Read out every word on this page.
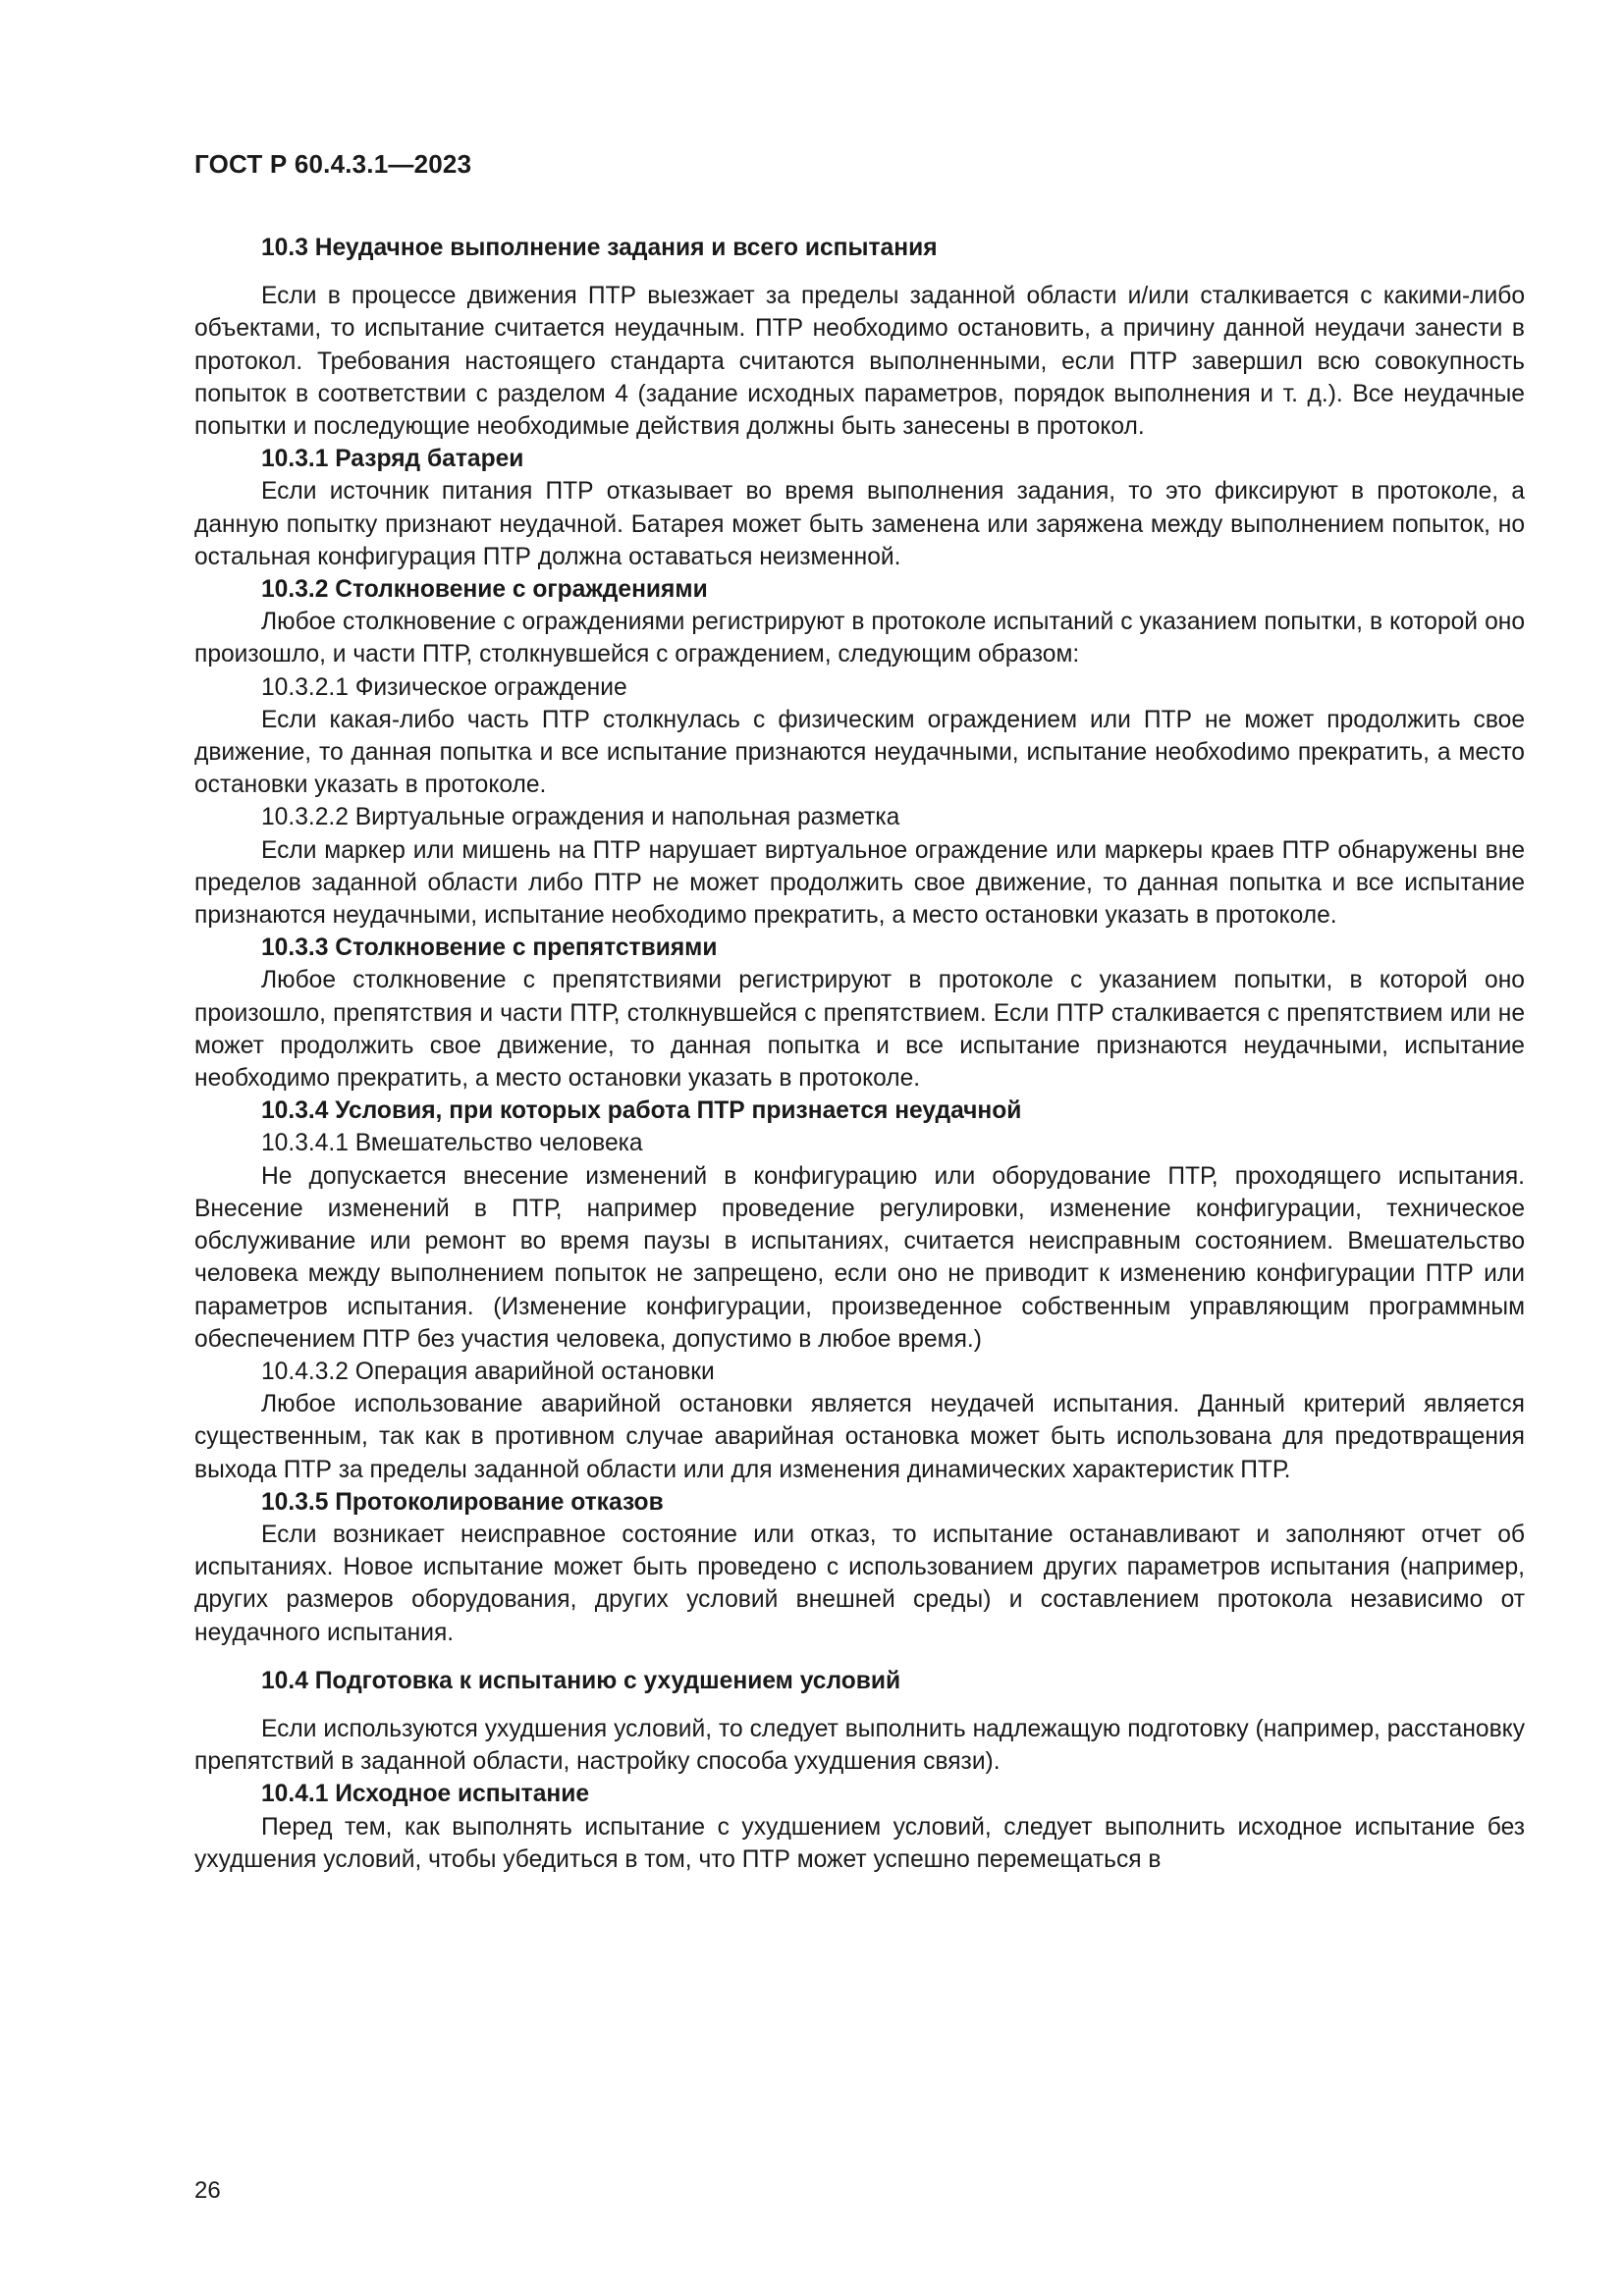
ГОСТ Р 60.4.3.1—2023

10.3 Неудачное выполнение задания и всего испытания

Если в процессе движения ПТР выезжает за пределы заданной области и/или сталкивается с какими-либо объектами, то испытание считается неудачным. ПТР необходимо остановить, а причину данной неудачи занести в протокол. Требования настоящего стандарта считаются выполненными, если ПТР завершил всю совокупность попыток в соответствии с разделом 4 (задание исходных параметров, порядок выполнения и т. д.). Все неудачные попытки и последующие необходимые действия должны быть занесены в протокол.

10.3.1 Разряд батареи

Если источник питания ПТР отказывает во время выполнения задания, то это фиксируют в протоколе, а данную попытку признают неудачной. Батарея может быть заменена или заряжена между выполнением попыток, но остальная конфигурация ПТР должна оставаться неизменной.

10.3.2 Столкновение с ограждениями

Любое столкновение с ограждениями регистрируют в протоколе испытаний с указанием попытки, в которой оно произошло, и части ПТР, столкнувшейся с ограждением, следующим образом:

10.3.2.1 Физическое ограждение

Если какая-либо часть ПТР столкнулась с физическим ограждением или ПТР не может продолжить свое движение, то данная попытка и все испытание признаются неудачными, испытание необхоdимо прекратить, а место остановки указать в протоколе.

10.3.2.2 Виртуальные ограждения и напольная разметка

Если маркер или мишень на ПТР нарушает виртуальное ограждение или маркеры краев ПТР обнаружены вне пределов заданной области либо ПТР не может продолжить свое движение, то данная попытка и все испытание признаются неудачными, испытание необходимо прекратить, а место остановки указать в протоколе.

10.3.3 Столкновение с препятствиями

Любое столкновение с препятствиями регистрируют в протоколе с указанием попытки, в которой оно произошло, препятствия и части ПТР, столкнувшейся с препятствием. Если ПТР сталкивается с препятствием или не может продолжить свое движение, то данная попытка и все испытание признаются неудачными, испытание необходимо прекратить, а место остановки указать в протоколе.

10.3.4 Условия, при которых работа ПТР признается неудачной

10.3.4.1 Вмешательство человека

Не допускается внесение изменений в конфигурацию или оборудование ПТР, проходящего испытания. Внесение изменений в ПТР, например проведение регулировки, изменение конфигурации, техническое обслуживание или ремонт во время паузы в испытаниях, считается неисправным состоянием. Вмешательство человека между выполнением попыток не запрещено, если оно не приводит к изменению конфигурации ПТР или параметров испытания. (Изменение конфигурации, произведенное собственным управляющим программным обеспечением ПТР без участия человека, допустимо в любое время.)

10.4.3.2 Операция аварийной остановки

Любое использование аварийной остановки является неудачей испытания. Данный критерий является существенным, так как в противном случае аварийная остановка может быть использована для предотвращения выхода ПТР за пределы заданной области или для изменения динамических характеристик ПТР.

10.3.5 Протоколирование отказов

Если возникает неисправное состояние или отказ, то испытание останавливают и заполняют отчет об испытаниях. Новое испытание может быть проведено с использованием других параметров испытания (например, других размеров оборудования, других условий внешней среды) и составлением протокола независимо от неудачного испытания.

10.4 Подготовка к испытанию с ухудшением условий

Если используются ухудшения условий, то следует выполнить надлежащую подготовку (например, расстановку препятствий в заданной области, настройку способа ухудшения связи).

10.4.1 Исходное испытание

Перед тем, как выполнять испытание с ухудшением условий, следует выполнить исходное испытание без ухудшения условий, чтобы убедиться в том, что ПТР может успешно перемещаться в

26
